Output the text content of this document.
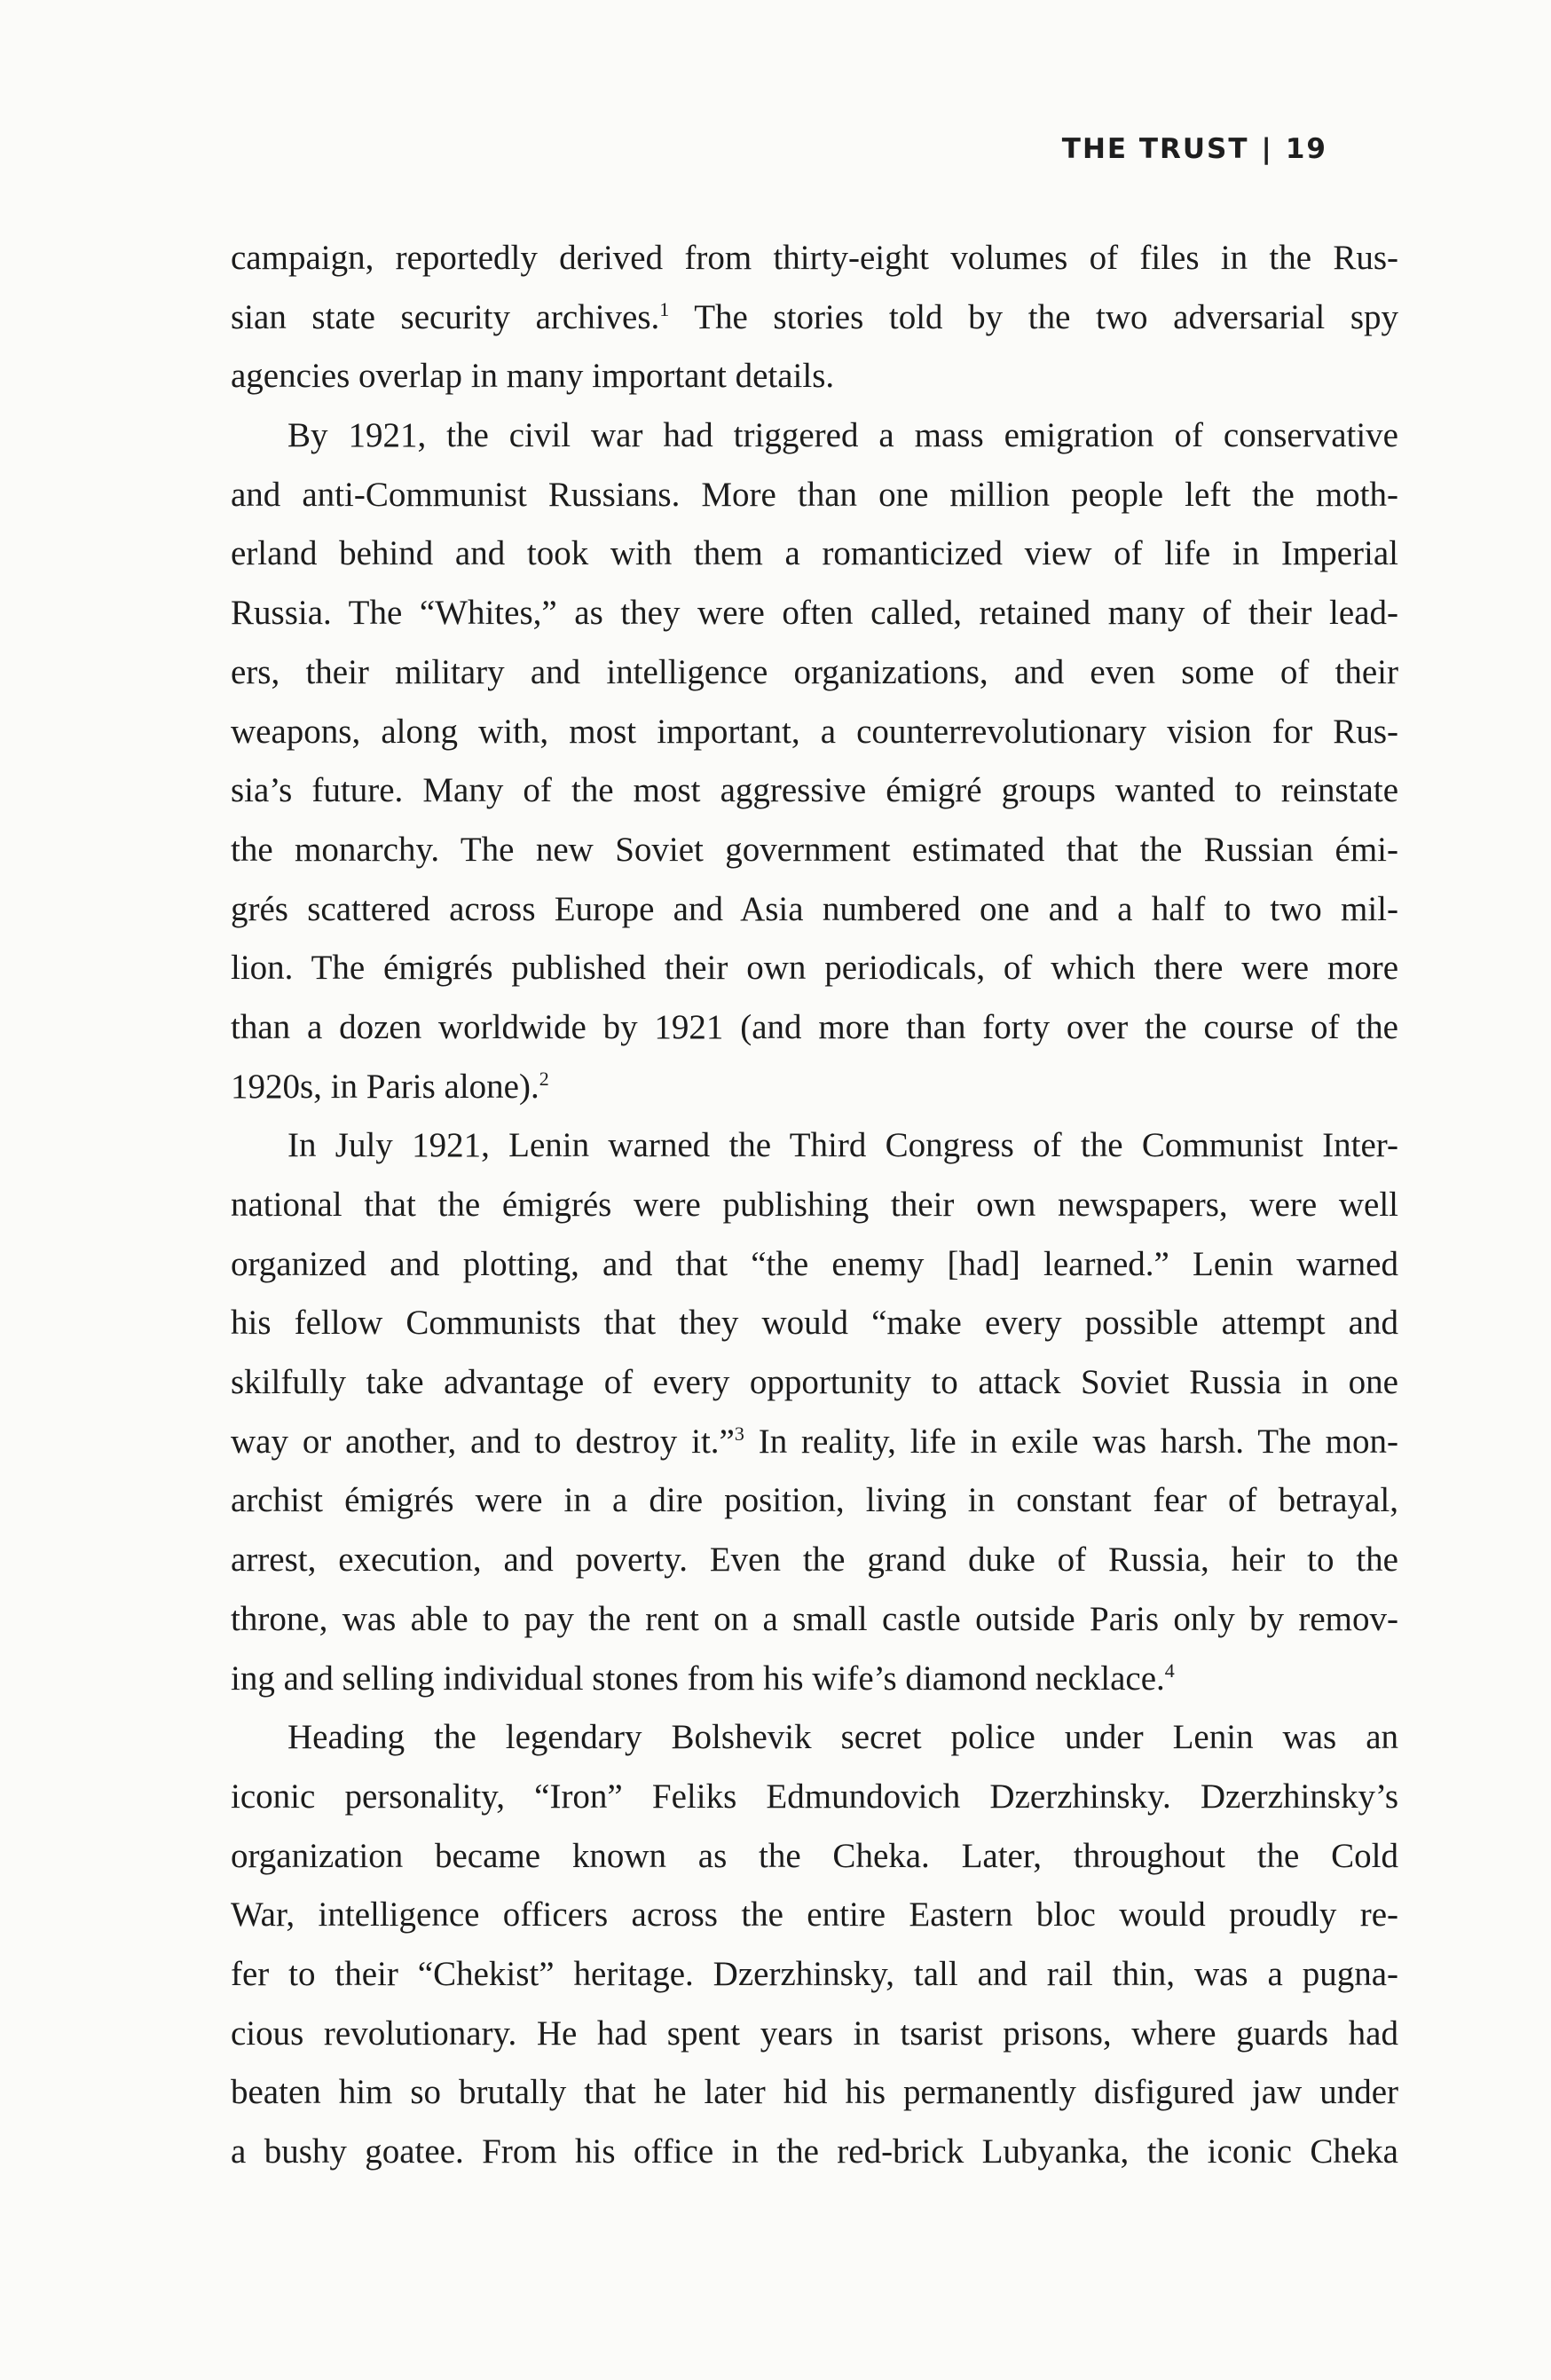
THE TRUST | 19

campaign, reportedly derived from thirty-eight volumes of files in the Rus-
sian state security archives.$^1$ The stories told by the two adversarial spy
agencies overlap in many important details.

By 1921, the civil war had triggered a mass emigration of conservative
and anti-Communist Russians. More than one million people left the moth-
erland behind and took with them a romanticized view of life in Imperial
Russia. The “Whites,” as they were often called, retained many of their lead-
ers, their military and intelligence organizations, and even some of their
weapons, along with, most important, a counterrevolutionary vision for Rus-
sia’s future. Many of the most aggressive émigré groups wanted to reinstate
the monarchy. The new Soviet government estimated that the Russian émi-
grés scattered across Europe and Asia numbered one and a half to two mil-
lion. The émigrés published their own periodicals, of which there were more
than a dozen worldwide by 1921 (and more than forty over the course of the
1920s, in Paris alone).$^2$

In July 1921, Lenin warned the Third Congress of the Communist Inter-
national that the émigrés were publishing their own newspapers, were well
organized and plotting, and that “the enemy [had] learned.” Lenin warned
his fellow Communists that they would “make every possible attempt and
skilfully take advantage of every opportunity to attack Soviet Russia in one
way or another, and to destroy it.”$^3$ In reality, life in exile was harsh. The mon-
archist émigrés were in a dire position, living in constant fear of betrayal,
arrest, execution, and poverty. Even the grand duke of Russia, heir to the
throne, was able to pay the rent on a small castle outside Paris only by remov-
ing and selling individual stones from his wife’s diamond necklace.$^4$

Heading the legendary Bolshevik secret police under Lenin was an
iconic personality, “Iron” Feliks Edmundovich Dzerzhinsky. Dzerzhinsky’s
organization became known as the Cheka. Later, throughout the Cold
War, intelligence officers across the entire Eastern bloc would proudly re-
fer to their “Chekist” heritage. Dzerzhinsky, tall and rail thin, was a pugna-
cious revolutionary. He had spent years in tsarist prisons, where guards had
beaten him so brutally that he later hid his permanently disfigured jaw under
a bushy goatee. From his office in the red-brick Lubyanka, the iconic Cheka
